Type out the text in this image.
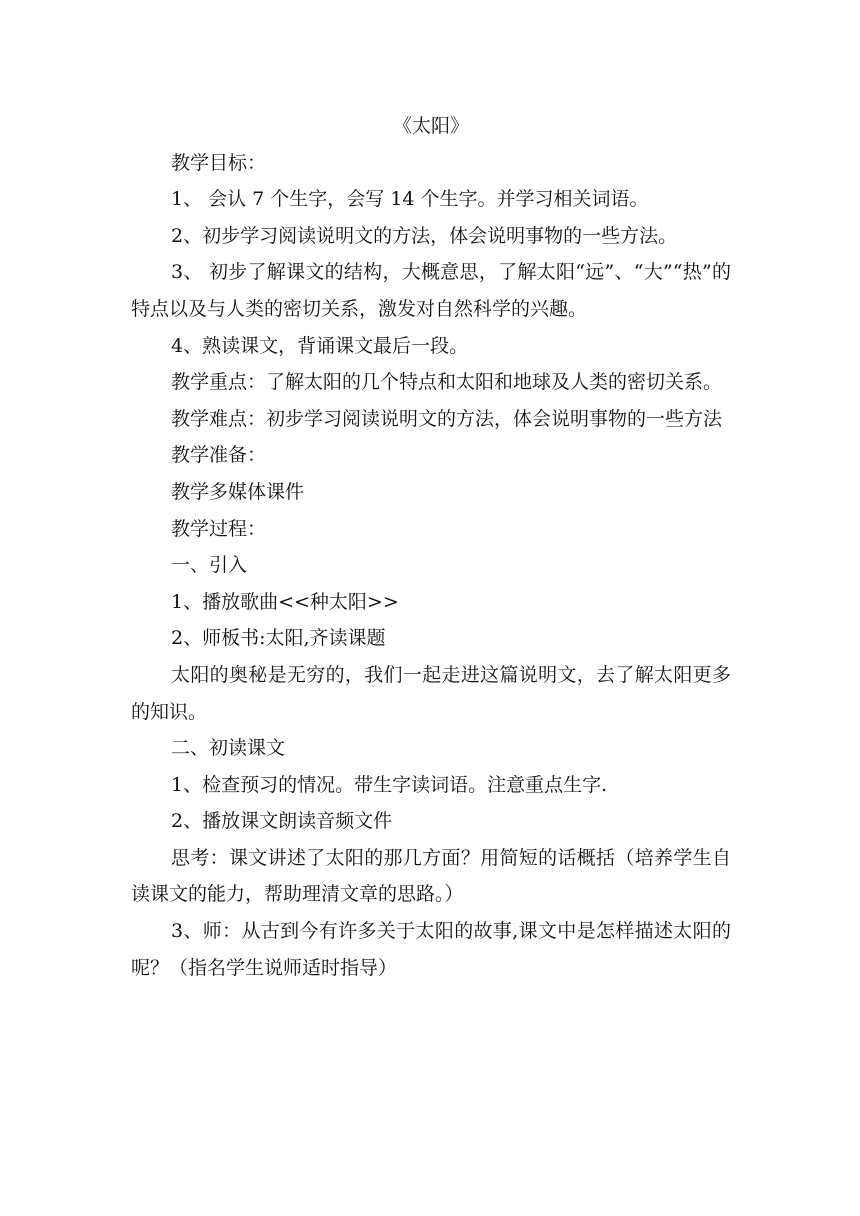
《太阳》

教学目标：

1、 会认 7 个生字，会写 14 个生字。并学习相关词语。

2、初步学习阅读说明文的方法，体会说明事物的一些方法。

3、 初步了解课文的结构，大概意思，了解太阳“远”、“大”“热”的特点以及与人类的密切关系，激发对自然科学的兴趣。

4、熟读课文，背诵课文最后一段。

教学重点：了解太阳的几个特点和太阳和地球及人类的密切关系。

教学难点：初步学习阅读说明文的方法，体会说明事物的一些方法

教学准备：

教学多媒体课件

教学过程：

一、引入

1、播放歌曲<<种太阳>>

2、师板书:太阳,齐读课题

太阳的奥秘是无穷的，我们一起走进这篇说明文，去了解太阳更多的知识。

二、初读课文

1、检查预习的情况。带生字读词语。注意重点生字.

2、播放课文朗读音频文件

思考：课文讲述了太阳的那几方面？用简短的话概括（培养学生自读课文的能力，帮助理清文章的思路。）

3、师：从古到今有许多关于太阳的故事,课文中是怎样描述太阳的呢？（指名学生说师适时指导）
